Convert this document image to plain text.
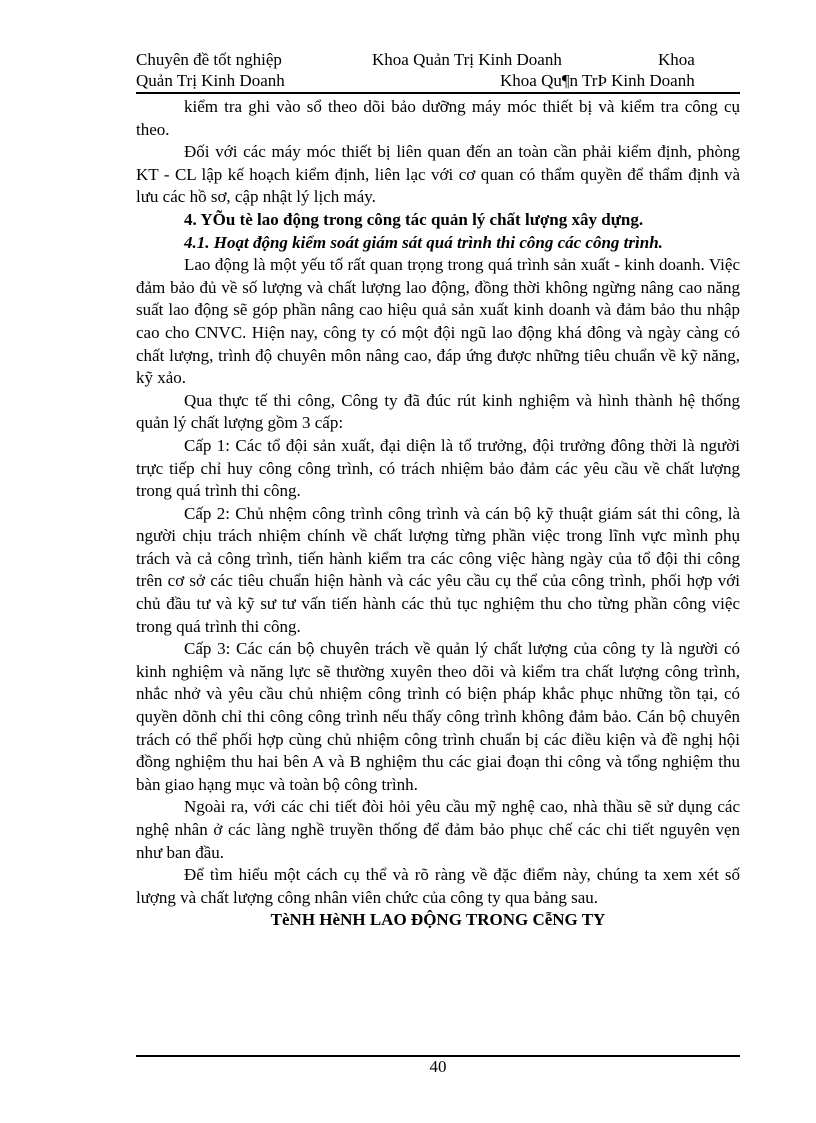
Chuyên đề tốt nghiệp	Khoa Quản Trị Kinh Doanh	Khoa
Quản Trị Kinh Doanh	Khoa Qu¶n TrÞ Kinh Doanh

kiểm tra ghi vào sổ theo dõi bảo dưỡng máy móc thiết bị và kiểm tra công cụ theo.

Đối với các máy móc thiết bị liên quan đến an toàn cần phải kiểm định, phòng KT - CL lập kế hoạch kiểm định, liên lạc với cơ quan có thẩm quyền để thẩm định và lưu các hồ sơ, cập nhật lý lịch máy.

4. YÕu tè lao động trong công tác quản lý chất lượng xây dựng.
4.1. Hoạt động kiểm soát giám sát quá trình thi công các công trình.

Lao động là một yếu tố rất quan trọng trong quá trình sản xuất - kinh doanh. Việc đảm bảo đủ về số lượng và chất lượng lao động, đồng thời không ngừng nâng cao năng suất lao động sẽ góp phần nâng cao hiệu quả sản xuất kinh doanh và đảm bảo thu nhập cao cho CNVC. Hiện nay, công ty có một đội ngũ lao động khá đông và ngày càng có chất lượng, trình độ chuyên môn nâng cao, đáp ứng được những tiêu chuẩn về kỹ năng, kỹ xảo.

Qua thực tế thi công, Công ty đã đúc rút kinh nghiệm và hình thành hệ thống quản lý chất lượng gồm 3 cấp:

Cấp 1: Các tổ đội sản xuất, đại diện là tổ trưởng, đội trưởng đông thời là người trực tiếp chỉ huy công công trình, có trách nhiệm bảo đảm các yêu cầu về chất lượng trong quá trình thi công.

Cấp 2: Chủ nhệm công trình công trình và cán bộ kỹ thuật giám sát thi công, là người chịu trách nhiệm chính về chất lượng từng phần việc trong lĩnh vực mình phụ trách và cả công trình, tiến hành kiểm tra các công việc hàng ngày của tổ đội thi công trên cơ sở các tiêu chuẩn hiện hành và các yêu cầu cụ thể của công trình, phối hợp với chủ đầu tư và kỹ sư tư vấn tiến hành các thủ tục nghiệm thu cho từng phần công việc trong quá trình thi công.

Cấp 3: Các cán bộ chuyên trách về quản lý chất lượng của công ty là người có kinh nghiệm và năng lực sẽ thường xuyên theo dõi và kiểm tra chất lượng công trình, nhắc nhở và yêu cầu chủ nhiệm công trình có biện pháp khắc phục những tồn tại, có quyền dõnh chỉ thi công công trình nếu thấy công trình không đảm bảo. Cán bộ chuyên trách có thể phối hợp cùng chủ nhiệm công trình chuẩn bị các điều kiện và đề nghị hội đồng nghiệm thu hai bên A và B nghiệm thu các giai đoạn thi công và tổng nghiệm thu bàn giao hạng mục và toàn bộ công trình.

Ngoài ra, với các chi tiết đòi hỏi yêu cầu mỹ nghệ cao, nhà thầu sẽ sử dụng các nghệ nhân ở các làng nghề truyền thống để đảm bảo phục chế các chi tiết nguyên vẹn như ban đầu.

Để tìm hiểu một cách cụ thể và rõ ràng về đặc điểm này, chúng ta xem xét số lượng và chất lượng công nhân viên chức của công ty qua bảng sau.

TèNH HèNH LAO ĐỘNG TRONG CễNG TY
40
